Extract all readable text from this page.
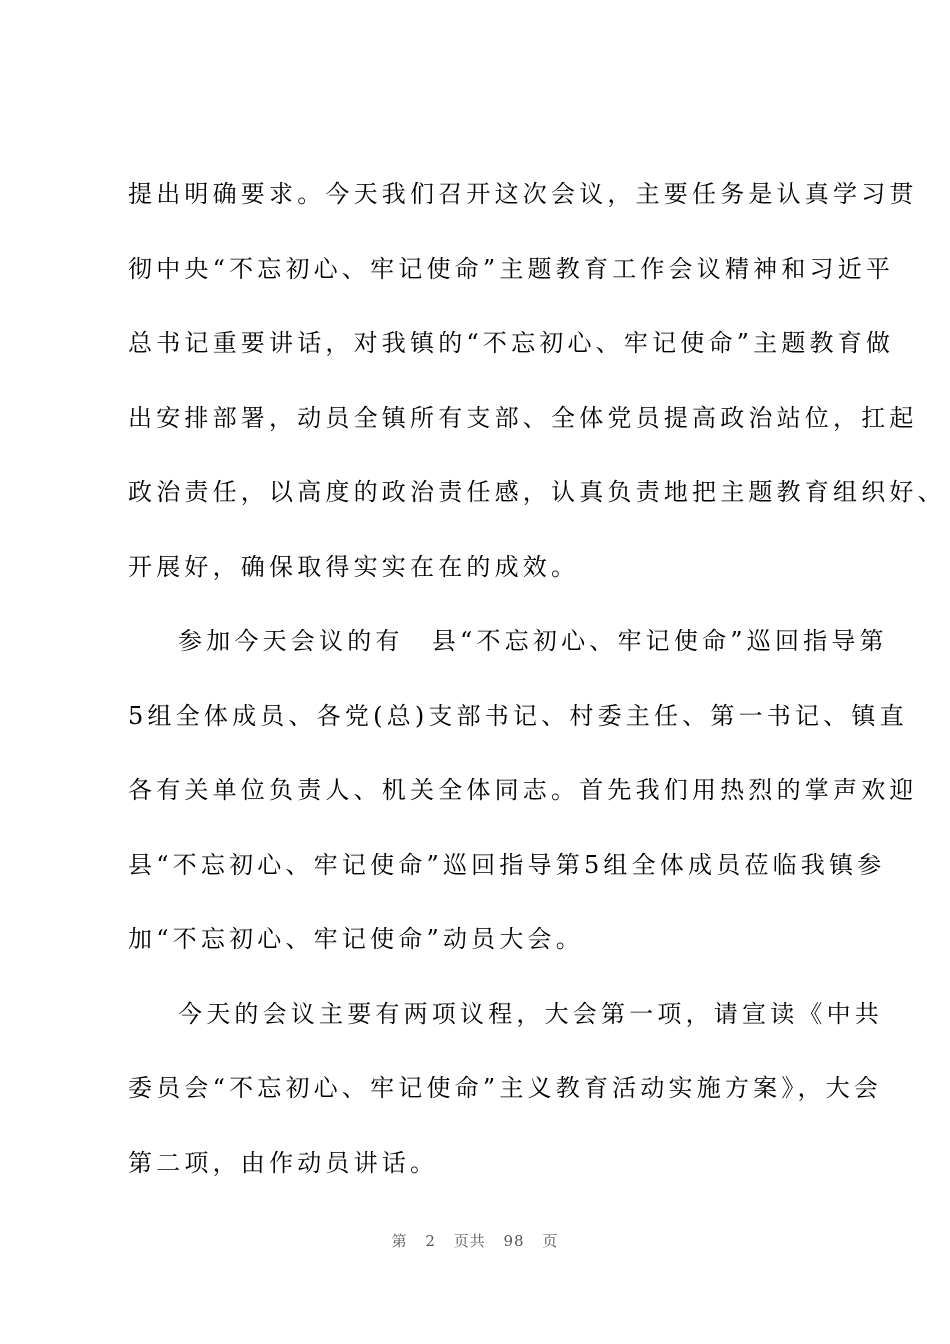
提出明确要求。今天我们召开这次会议，主要任务是认真学习贯
彻中央“不忘初心、牢记使命”主题教育工作会议精神和习近平
总书记重要讲话，对我镇的“不忘初心、牢记使命”主题教育做
出安排部署，动员全镇所有支部、全体党员提高政治站位，扛起
政治责任，以高度的政治责任感，认真负责地把主题教育组织好、
开展好，确保取得实实在在的成效。
参加今天会议的有　县“不忘初心、牢记使命”巡回指导第
5组全体成员、各党(总)支部书记、村委主任、第一书记、镇直
各有关单位负责人、机关全体同志。首先我们用热烈的掌声欢迎
县“不忘初心、牢记使命”巡回指导第5组全体成员莅临我镇参
加“不忘初心、牢记使命”动员大会。
今天的会议主要有两项议程，大会第一项，请宣读《中共
委员会“不忘初心、牢记使命”主义教育活动实施方案》，大会
第二项，由作动员讲话。
第 2 页共 98 页
